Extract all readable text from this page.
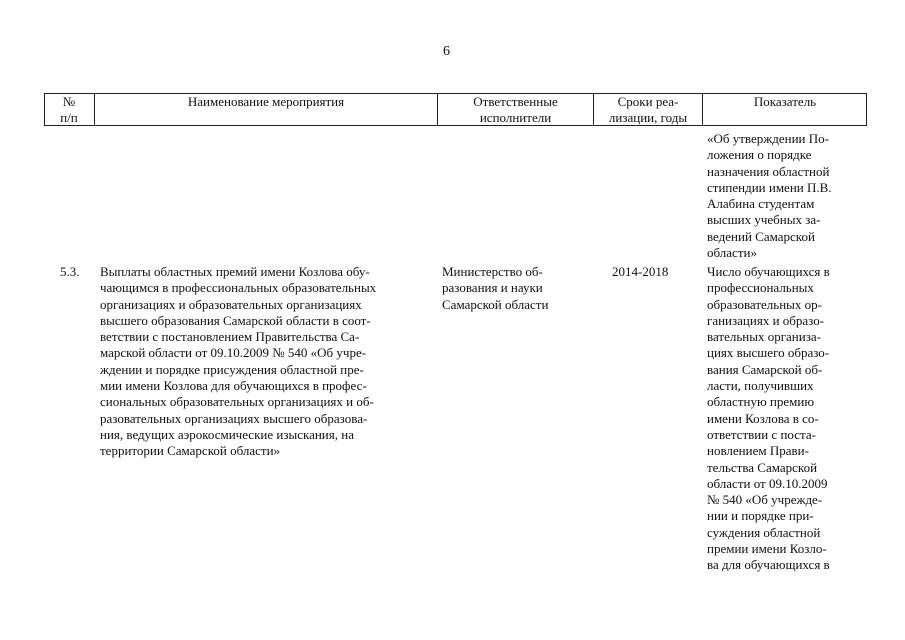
6
№
п/п
Наименование мероприятия	Ответственные
исполнители
Сроки реа-
лизации, годы
Показатель
«Об утверждении По-
ложения о порядке
назначения областной
стипендии имени П.В.
Алабина студентам
высших учебных за-
ведений Самарской
области»
5.3. Выплаты областных премий имени Козлова обу-
чающимся в профессиональных образовательных
организациях и образовательных организациях
высшего образования Самарской области в соот-
ветствии с постановлением Правительства Са-
марской области от 09.10.2009 № 540 «Об учре-
ждении и порядке присуждения областной пре-
мии имени Козлова для обучающихся в профес-
сиональных образовательных организациях и об-
разовательных организациях высшего образова-
ния, ведущих аэрокосмические изыскания, на
территории Самарской области»
Министерство об-
разования и науки
Самарской области
2014-2018	Число обучающихся в
профессиональных
образовательных ор-
ганизациях и образо-
вательных организа-
циях высшего образо-
вания Самарской об-
ласти, получивших
областную премию
имени Козлова в со-
ответствии с поста-
новлением Прави-
тельства Самарской
области от 09.10.2009
№ 540 «Об учрежде-
нии и порядке при-
суждения областной
премии имени Козло-
ва для обучающихся в
